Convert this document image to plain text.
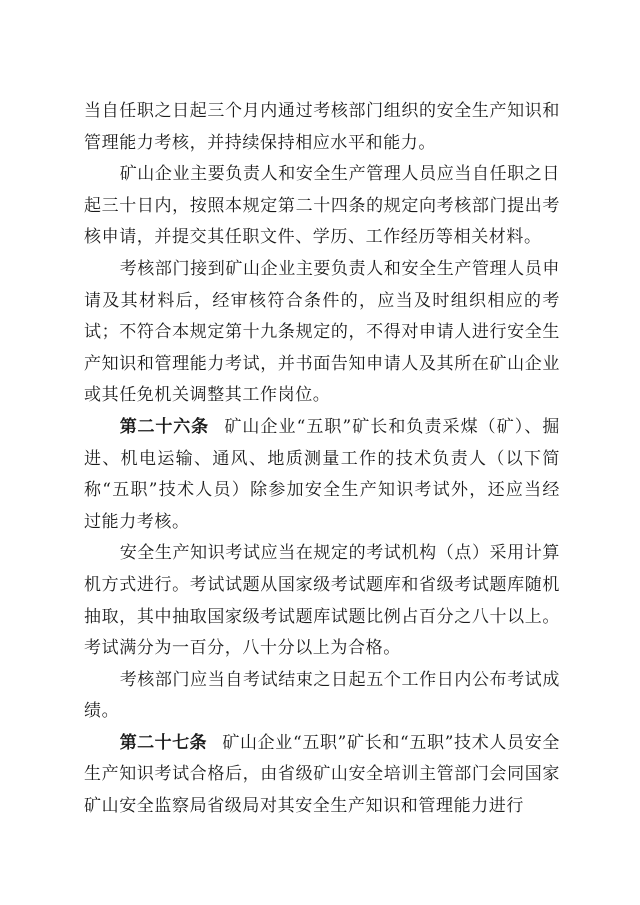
当自任职之日起三个月内通过考核部门组织的安全生产知识和管理能力考核，并持续保持相应水平和能力。

矿山企业主要负责人和安全生产管理人员应当自任职之日起三十日内，按照本规定第二十四条的规定向考核部门提出考核申请，并提交其任职文件、学历、工作经历等相关材料。

考核部门接到矿山企业主要负责人和安全生产管理人员申请及其材料后，经审核符合条件的，应当及时组织相应的考试；不符合本规定第十九条规定的，不得对申请人进行安全生产知识和管理能力考试，并书面告知申请人及其所在矿山企业或其任免机关调整其工作岗位。

第二十六条 矿山企业“五职”矿长和负责采煤（矿）、掘进、机电运输、通风、地质测量工作的技术负责人（以下简称“五职”技术人员）除参加安全生产知识考试外，还应当经过能力考核。

安全生产知识考试应当在规定的考试机构（点）采用计算机方式进行。考试试题从国家级考试题库和省级考试题库随机抽取，其中抽取国家级考试题库试题比例占百分之八十以上。考试满分为一百分，八十分以上为合格。

考核部门应当自考试结束之日起五个工作日内公布考试成绩。

第二十七条 矿山企业“五职”矿长和“五职”技术人员安全生产知识考试合格后，由省级矿山安全培训主管部门会同国家矿山安全监察局省级局对其安全生产知识和管理能力进行
